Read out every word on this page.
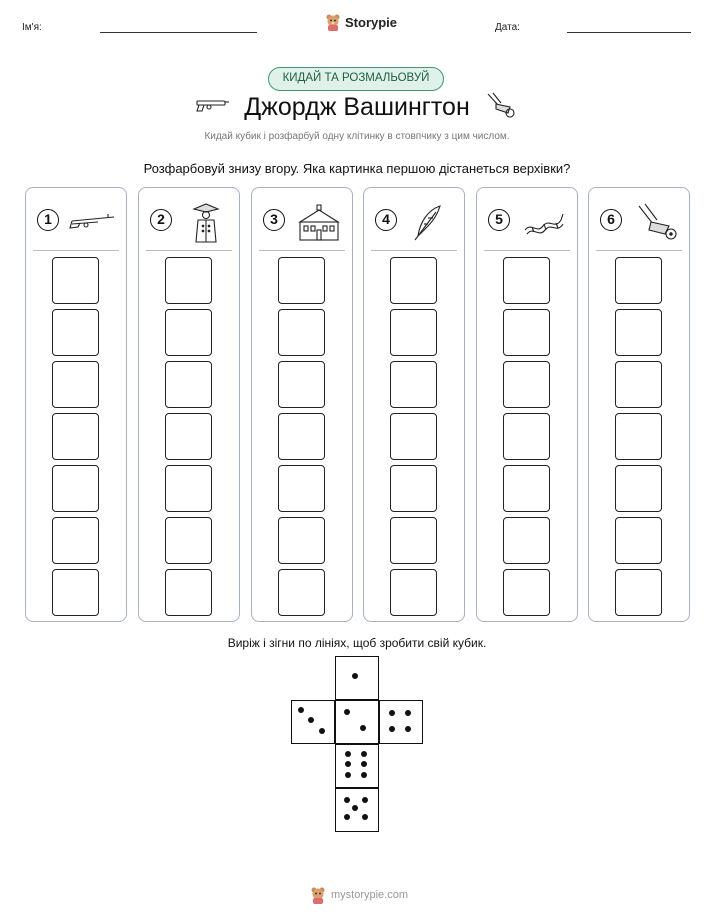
Ім'я:	Storypie	Дата:
КИДАЙ ТА РОЗМАЛЬОВУЙ
Джордж Вашингтон
Кидай кубик і розфарбуй одну клітинку в стовпчику з цим числом.
Розфарбовуй знизу вгору. Яка картинка першою дістанеться верхівки?
1	2	3	4	5	6
Виріж і зігни по лініях, щоб зробити свій кубик.
mystorypie.com
